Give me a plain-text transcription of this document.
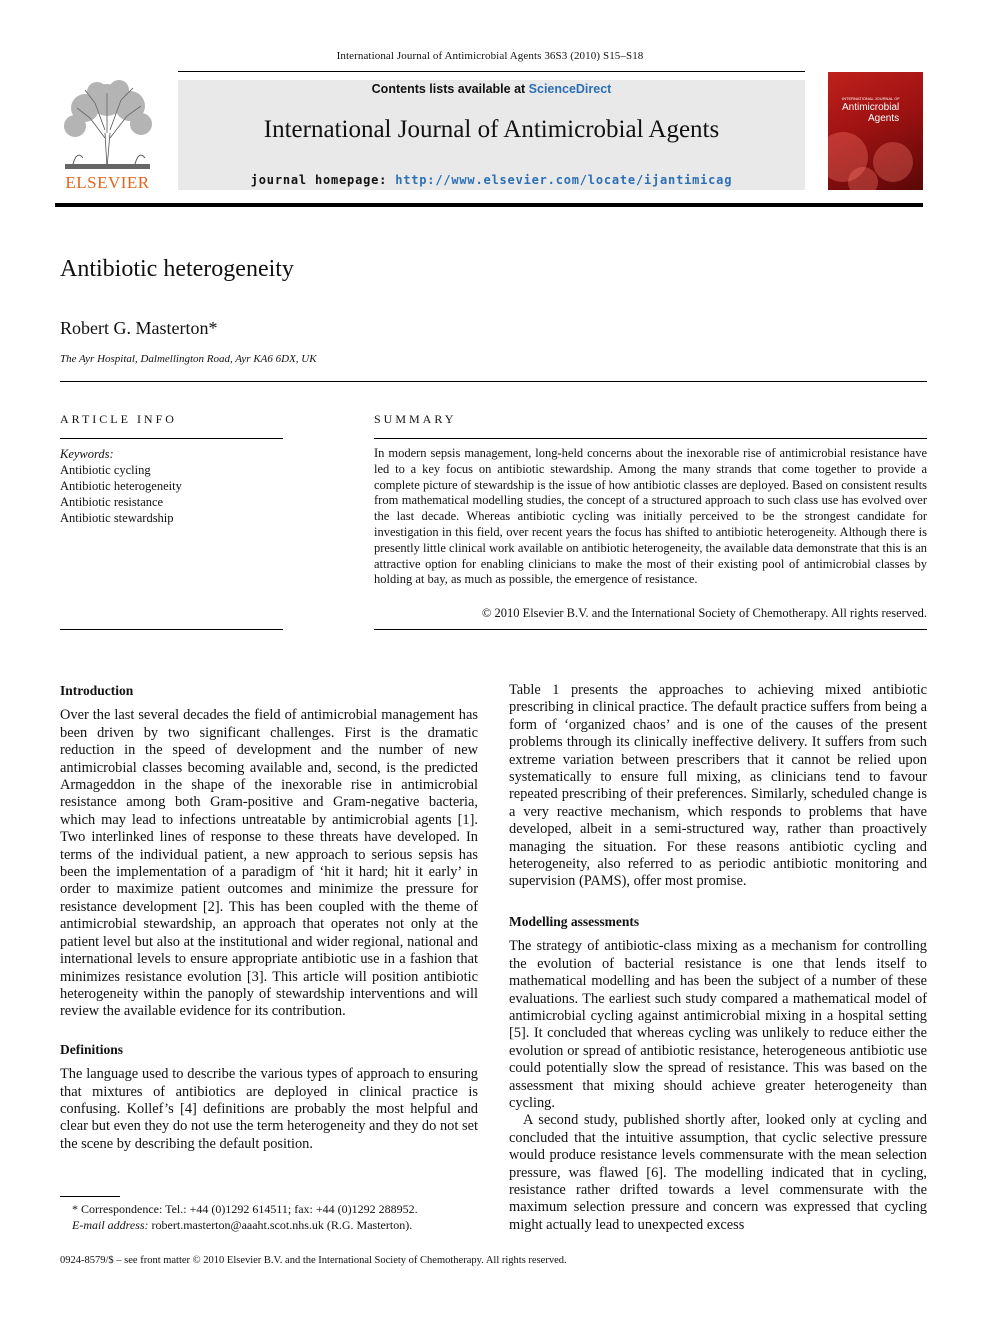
International Journal of Antimicrobial Agents 36S3 (2010) S15–S18
ELSEVIER
Contents lists available at ScienceDirect
International Journal of Antimicrobial Agents
journal homepage: http://www.elsevier.com/locate/ijantimicag
INTERNATIONAL JOURNAL OF
Antimicrobial
Agents
Antibiotic heterogeneity
Robert G. Masterton*
The Ayr Hospital, Dalmellington Road, Ayr KA6 6DX, UK
ARTICLE INFO
Keywords:
Antibiotic cycling
Antibiotic heterogeneity
Antibiotic resistance
Antibiotic stewardship
SUMMARY
In modern sepsis management, long-held concerns about the inexorable rise of antimicrobial resistance have led to a key focus on antibiotic stewardship. Among the many strands that come together to provide a complete picture of stewardship is the issue of how antibiotic classes are deployed. Based on consistent results from mathematical modelling studies, the concept of a structured approach to such class use has evolved over the last decade. Whereas antibiotic cycling was initially perceived to be the strongest candidate for investigation in this field, over recent years the focus has shifted to antibiotic heterogeneity. Although there is presently little clinical work available on antibiotic heterogeneity, the available data demonstrate that this is an attractive option for enabling clinicians to make the most of their existing pool of antimicrobial classes by holding at bay, as much as possible, the emergence of resistance.
© 2010 Elsevier B.V. and the International Society of Chemotherapy. All rights reserved.
Introduction

Over the last several decades the field of antimicrobial management has been driven by two significant challenges. First is the dramatic reduction in the speed of development and the number of new antimicrobial classes becoming available and, second, is the predicted Armageddon in the shape of the inexorable rise in antimicrobial resistance among both Gram-positive and Gram-negative bacteria, which may lead to infections untreatable by antimicrobial agents [1]. Two interlinked lines of response to these threats have developed. In terms of the individual patient, a new approach to serious sepsis has been the implementation of a paradigm of ‘hit it hard; hit it early’ in order to maximize patient outcomes and minimize the pressure for resistance development [2]. This has been coupled with the theme of antimicrobial stewardship, an approach that operates not only at the patient level but also at the institutional and wider regional, national and international levels to ensure appropriate antibiotic use in a fashion that minimizes resistance evolution [3]. This article will position antibiotic heterogeneity within the panoply of stewardship interventions and will review the available evidence for its contribution.

Definitions

The language used to describe the various types of approach to ensuring that mixtures of antibiotics are deployed in clinical practice is confusing. Kollef’s [4] definitions are probably the most helpful and clear but even they do not use the term heterogeneity and they do not set the scene by describing the default position.

Table 1 presents the approaches to achieving mixed antibiotic prescribing in clinical practice. The default practice suffers from being a form of ‘organized chaos’ and is one of the causes of the present problems through its clinically ineffective delivery. It suffers from such extreme variation between prescribers that it cannot be relied upon systematically to ensure full mixing, as clinicians tend to favour repeated prescribing of their preferences. Similarly, scheduled change is a very reactive mechanism, which responds to problems that have developed, albeit in a semi-structured way, rather than proactively managing the situation. For these reasons antibiotic cycling and heterogeneity, also referred to as periodic antibiotic monitoring and supervision (PAMS), offer most promise.

Modelling assessments

The strategy of antibiotic-class mixing as a mechanism for controlling the evolution of bacterial resistance is one that lends itself to mathematical modelling and has been the subject of a number of these evaluations. The earliest such study compared a mathematical model of antimicrobial cycling against antimicrobial mixing in a hospital setting [5]. It concluded that whereas cycling was unlikely to reduce either the evolution or spread of antibiotic resistance, heterogeneous antibiotic use could potentially slow the spread of resistance. This was based on the assessment that mixing should achieve greater heterogeneity than cycling.

A second study, published shortly after, looked only at cycling and concluded that the intuitive assumption, that cyclic selective pressure would produce resistance levels commensurate with the mean selection pressure, was flawed [6]. The modelling indicated that in cycling, resistance rather drifted towards a level commensurate with the maximum selection pressure and concern was expressed that cycling might actually lead to unexpected excess

* Correspondence: Tel.: +44 (0)1292 614511; fax: +44 (0)1292 288952.
E-mail address: robert.masterton@aaaht.scot.nhs.uk (R.G. Masterton).
0924-8579/$ – see front matter © 2010 Elsevier B.V. and the International Society of Chemotherapy. All rights reserved.
